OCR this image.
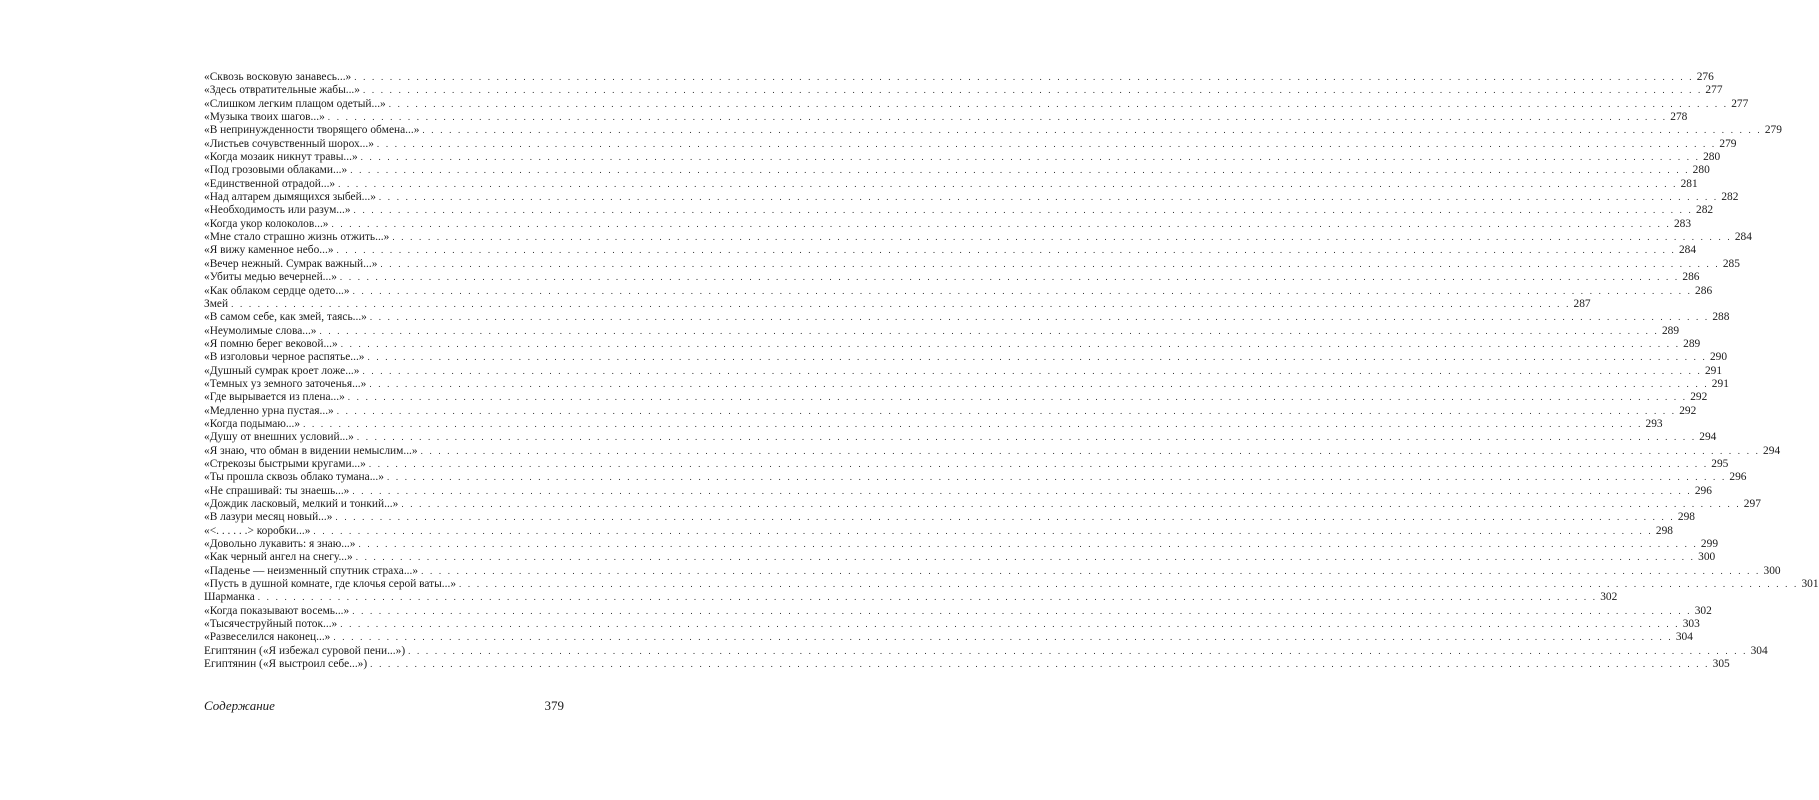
«Сквозь восковую занавесь...» . . .	276
«Здесь отвратительные жабы...» . . .	277
«Слишком легким плащом одетый...» . . .	277
«Музыка твоих шагов...» . . .	278
«В непринужденности творящего обмена...» . . .	279
«Листьев сочувственный шорох...» . . .	279
«Когда мозаик никнут травы...» . . .	280
«Под грозовыми облаками...» . . .	280
«Единственной отрадой...» . . .	281
«Над алтарем дымящихся зыбей...» . . .	282
«Необходимость или разум...» . . .	282
«Когда укор колоколов...» . . .	283
«Мне стало страшно жизнь отжить...» . . .	284
«Я вижу каменное небо...» . . .	284
«Вечер нежный. Сумрак важный...» . . .	285
«Убиты медью вечерней...» . . .	286
«Как облаком сердце одето...» . . .	286
Змей . . .	287
«В самом себе, как змей, таясь...» . . .	288
«Неумолимые слова...» . . .	289
«Я помню берег вековой...» . . .	289
«В изголовьи черное распятье...» . . .	290
«Душный сумрак кроет ложе...» . . .	291
«Темных уз земного заточенья...» . . .	291
«Где вырывается из плена...» . . .	292
«Медленно урна пустая...» . . .	292
«Когда подымаю...» . . .	293
«Душу от внешних условий...» . . .	294
«Я знаю, что обман в видении немыслим...» . . .	294
«Стрекозы быстрыми кругами...» . . .	295
«Ты прошла сквозь облако тумана...» . . .	296
«Не спрашивай: ты знаешь...» . . .	296
«Дождик ласковый, мелкий и тонкий...» . . .	297
«В лазури месяц новый...» . . .	298
«<. . . . . .> коробки...» . . .	298
«Довольно лукавить: я знаю...» . . .	299
«Как черный ангел на снегу...» . . .	300
«Паденье — неизменный спутник страха...» . . .	300
«Пусть в душной комнате, где клочья серой ваты...» . . .	301
Шарманка . . .	302
«Когда показывают восемь...» . . .	302
«Тысячеструйный поток...» . . .	303
«Развеселился наконец...» . . .	304
Египтянин («Я избежал суровой пени...») . . .	304
Египтянин («Я выстроил себе...») . . .	305
Содержание	379
